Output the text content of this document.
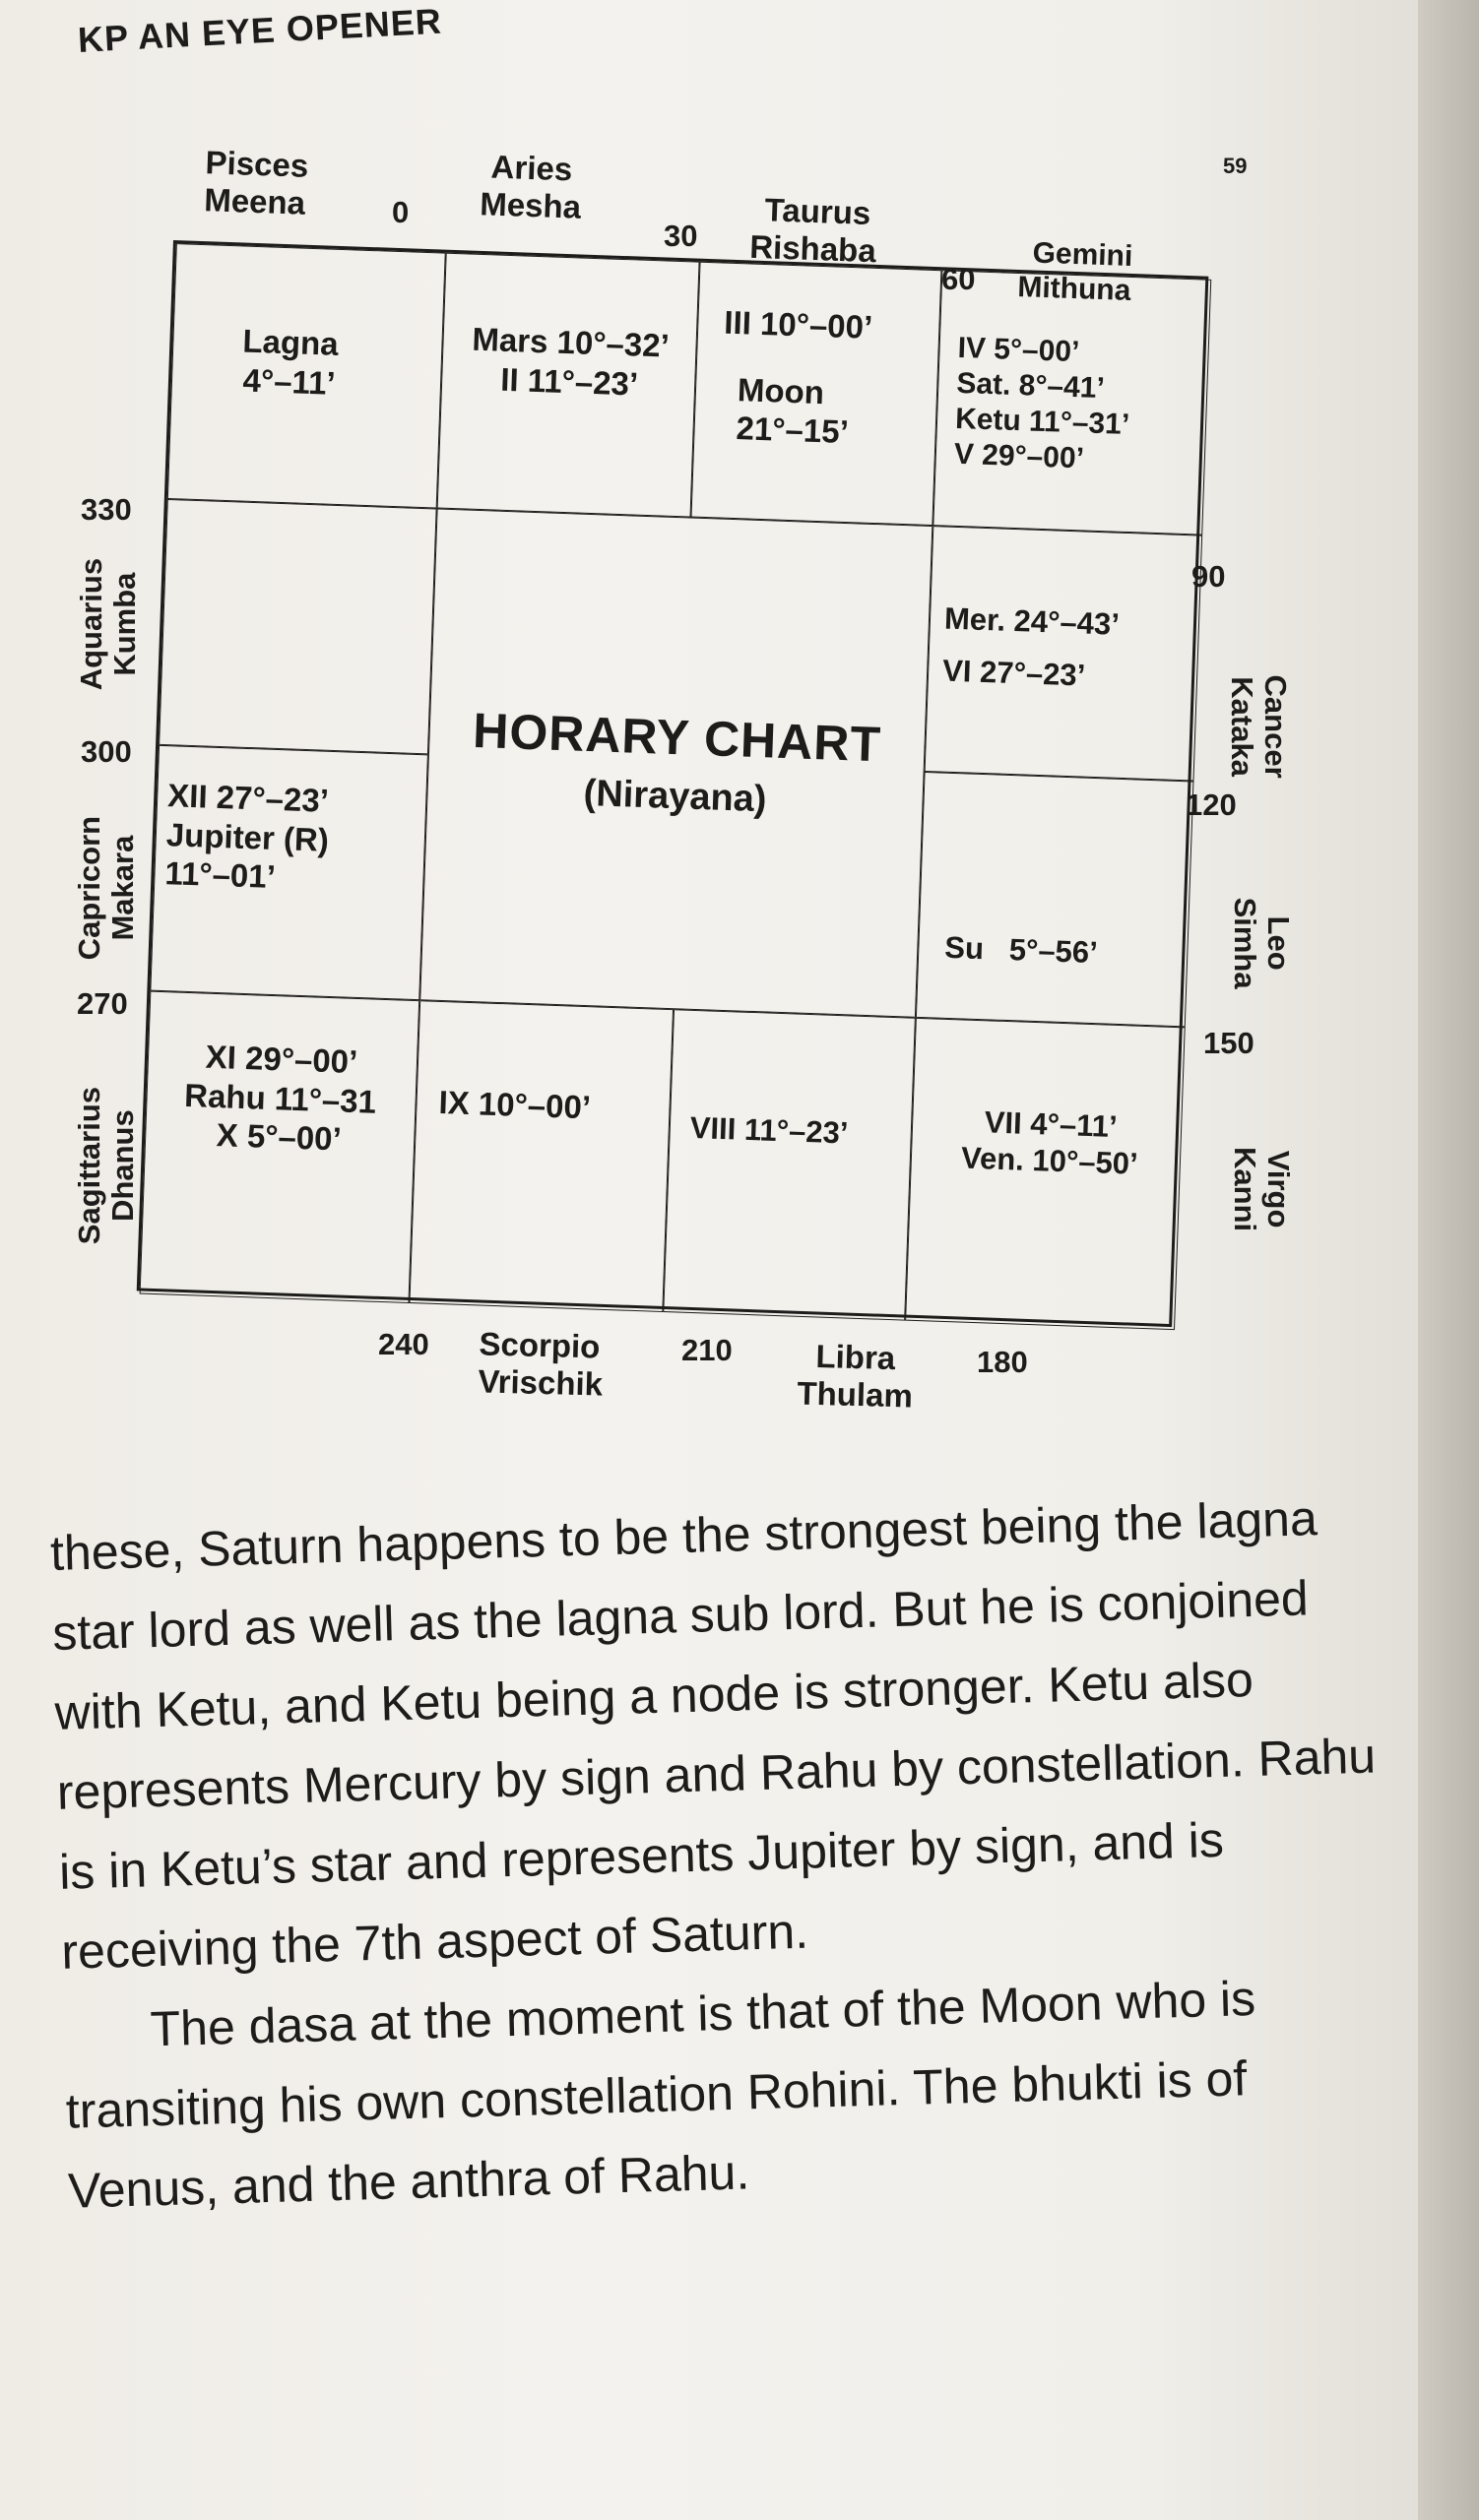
KP AN EYE OPENER
59
Pisces
Meena	0
Aries
Mesha
30
Taurus
Rishaba
60
Gemini
Mithuna
330
300
270
Aquarius Kumba
Capricorn Makara
Sagittarius Dhanus
90
120
150
Cancer
Kataka
Leo
Simha
Virgo
Kanni
240 Scorpio
Vrischik
210	Libra
Thulam
180
Lagna
4°–11’
Mars 10°–32’
II 11°–23’
III 10°–00’
Moon
21°–15’
IV 5°–00’
Sat. 8°–41’
Ketu 11°–31’
V 29°–00’
HORARY CHART
(Nirayana)
Mer. 24°–43’
VI 27°–23’
XII 27°–23’
Jupiter (R)
11°–01’

Su   5°–56’

XI 29°–00’
Rahu 11°–31
X 5°–00’
IX 10°–00’
VIII 11°–23’	VII 4°–11’
Ven. 10°–50’

these, Saturn happens to be the strongest being the lagna star lord as well as the lagna sub lord. But he is conjoined with Ketu, and Ketu being a node is stronger. Ketu also represents Mercury by sign and Rahu by constellation. Rahu is in Ketu’s star and represents Jupiter by sign, and is receiving the 7th aspect of Saturn.

The dasa at the moment is that of the Moon who is transiting his own constellation Rohini. The bhukti is of Venus, and the anthra of Rahu.
